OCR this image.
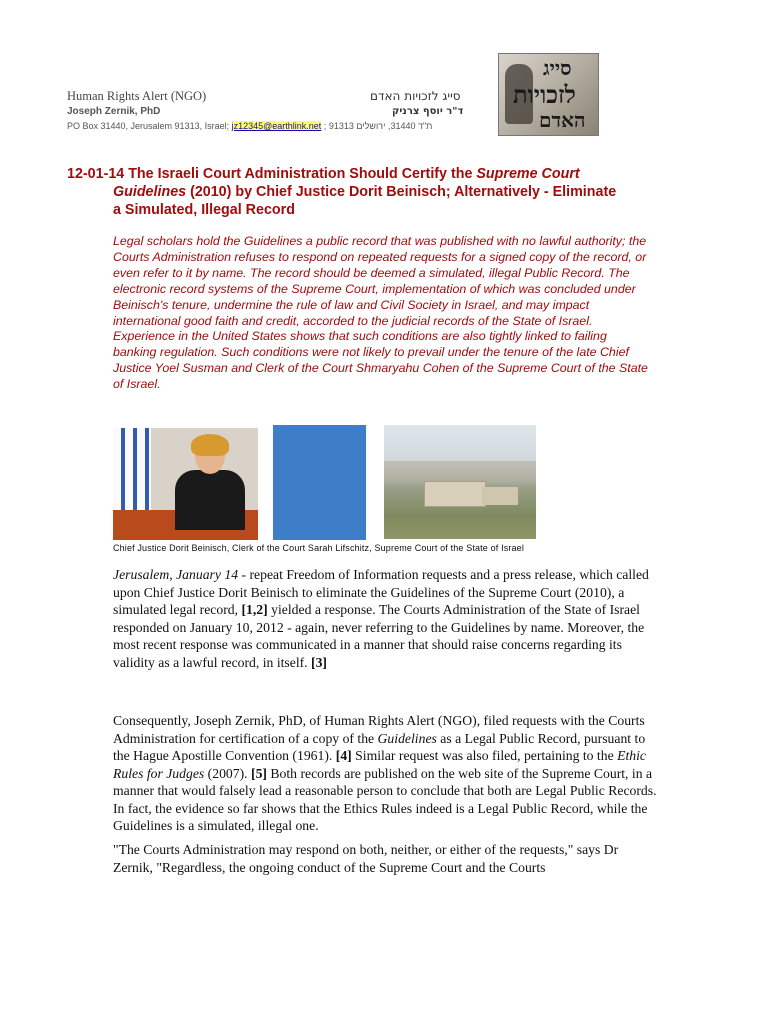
Human Rights Alert (NGO)
Joseph Zernik, PhD
PO Box 31440, Jerusalem 91313, Israel; jz12345@earthlink.net ; ת"ד 31440, ירושלים 91313
סייג לזכויות האדם
ד"ר יוסף צרניק
סייג
לזכויות
האדם
12-01-14 The Israeli Court Administration Should Certify the Supreme Court
Guidelines (2010) by Chief Justice Dorit Beinisch; Alternatively - Eliminate
a Simulated, Illegal Record
Legal scholars hold the Guidelines a public record that was published with no lawful authority; the Courts Administration refuses to respond on repeated requests for a signed copy of the record, or even refer to it by name. The record should be deemed a simulated, illegal Public Record. The electronic record systems of the Supreme Court, implementation of which was concluded under Beinisch's tenure, undermine the rule of law and Civil Society in Israel, and may impact international good faith and credit, accorded to the judicial records of the State of Israel. Experience in the United States shows that such conditions are also tightly linked to failing banking regulation. Such conditions were not likely to prevail under the tenure of the late Chief Justice Yoel Susman and Clerk of the Court Shmaryahu Cohen of the Supreme Court of the State of Israel.
Chief Justice Dorit Beinisch, Clerk of the Court Sarah Lifschitz, Supreme Court of the State of Israel

Jerusalem, January 14 - repeat Freedom of Information requests and a press release, which called upon Chief Justice Dorit Beinisch to eliminate the Guidelines of the Supreme Court (2010), a simulated legal record, [1,2] yielded a response. The Courts Administration of the State of Israel responded on January 10, 2012 - again, never referring to the Guidelines by name. Moreover, the most recent response was communicated in a manner that should raise concerns regarding its validity as a lawful record, in itself. [3]

Consequently, Joseph Zernik, PhD, of Human Rights Alert (NGO), filed requests with the Courts Administration for certification of a copy of the Guidelines as a Legal Public Record, pursuant to the Hague Apostille Convention (1961). [4] Similar request was also filed, pertaining to the Ethic Rules for Judges (2007). [5] Both records are published on the web site of the Supreme Court, in a manner that would falsely lead a reasonable person to conclude that both are Legal Public Records. In fact, the evidence so far shows that the Ethics Rules indeed is a Legal Public Record, while the Guidelines is a simulated, illegal one.

"The Courts Administration may respond on both, neither, or either of the requests," says Dr Zernik, "Regardless, the ongoing conduct of the Supreme Court and the Courts
